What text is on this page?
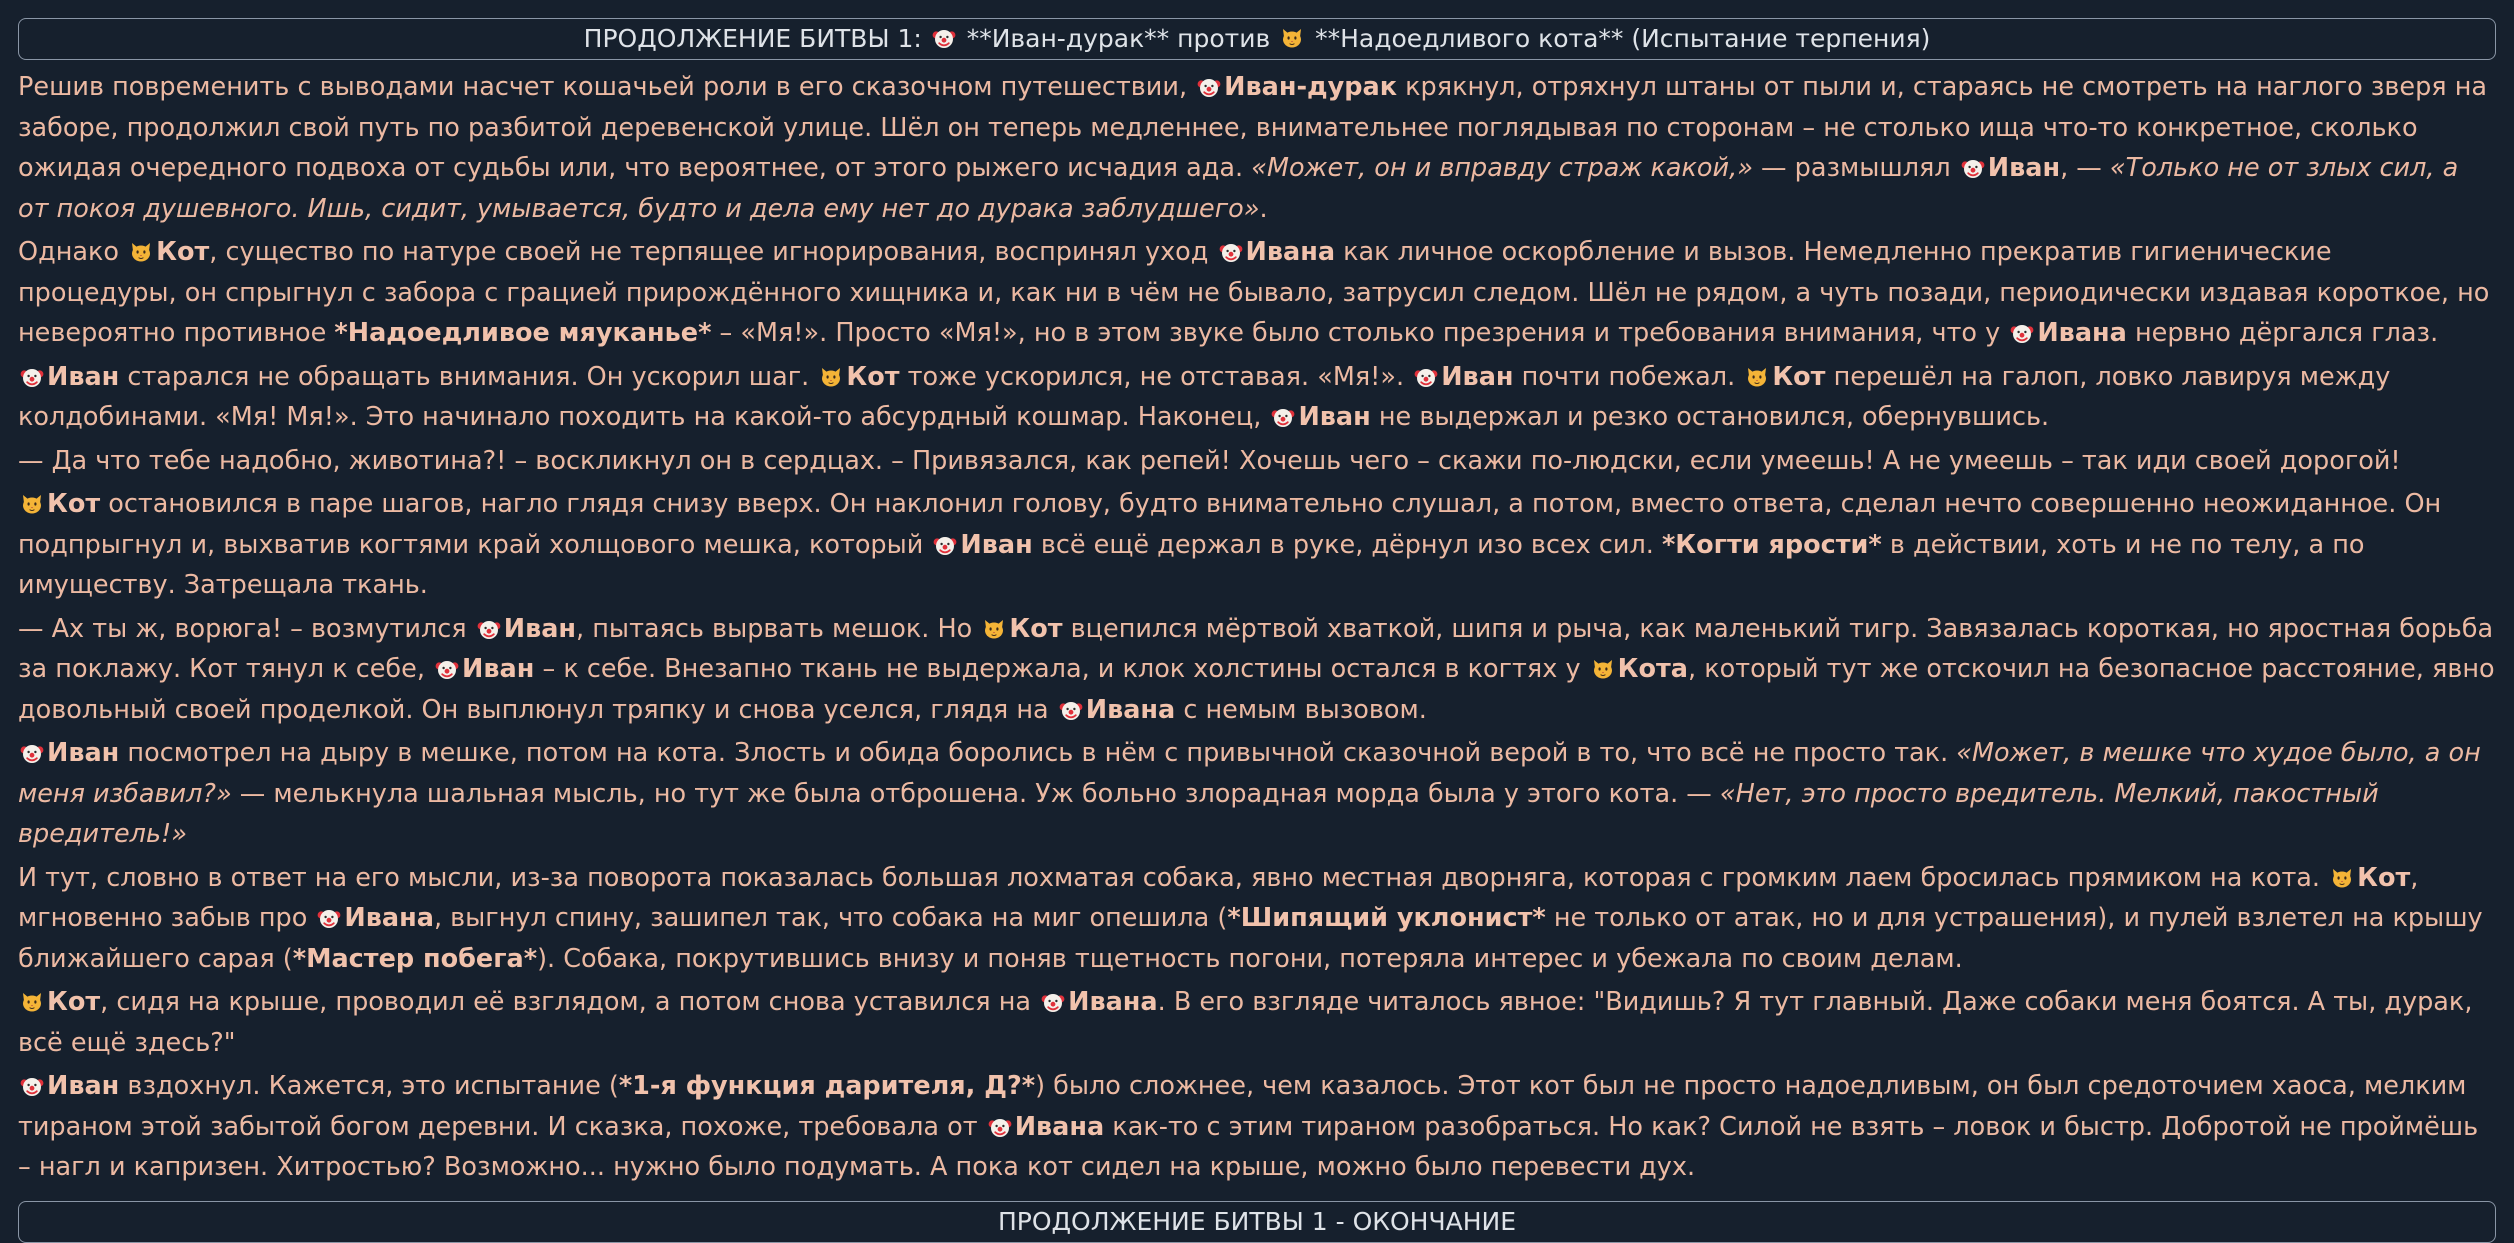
ПРОДОЛЖЕНИЕ БИТВЫ 1: **Иван-дурак** против **Надоедливого кота** (Испытание терпения)

Решив повременить с выводами насчет кошачьей роли в его сказочном путешествии,
Иван-дурак крякнул, отряхнул штаны от пыли и, стараясь не смотреть на наглого зверя на заборе, продолжил свой путь по разбитой деревенской улице. Шёл он теперь медленнее, внимательнее поглядывая по сторонам – не столько ища что-то конкретное, сколько ожидая очередного подвоха от судьбы или, что вероятнее, от этого рыжего исчадия ада. «Может, он и вправду страж какой,» — размышлял
Иван, — «Только не от злых сил, а от покоя душевного. Ишь, сидит, умывается, будто и дела ему нет до дурака заблудшего».

Однако
Кот, существо по натуре своей не терпящее игнорирования, воспринял уход
Ивана как личное оскорбление и вызов. Немедленно прекратив гигиенические процедуры, он спрыгнул с забора с грацией прирождённого хищника и, как ни в чём не бывало, затрусил следом. Шёл не рядом, а чуть позади, периодически издавая короткое, но невероятно противное *Надоедливое мяуканье* – «Мя!». Просто «Мя!», но в этом звуке было столько презрения и требования внимания, что у
Ивана нервно дёргался глаз.

Иван старался не обращать внимания. Он ускорил шаг.
Кот тоже ускорился, не отставая. «Мя!».
Иван почти побежал.
Кот перешёл на галоп, ловко лавируя между колдобинами. «Мя! Мя!». Это начинало походить на какой-то абсурдный кошмар. Наконец,
Иван не выдержал и резко остановился, обернувшись.

— Да что тебе надобно, животина?! – воскликнул он в сердцах. – Привязался, как репей! Хочешь чего – скажи по-людски, если умеешь! А не умеешь – так иди своей дорогой!

Кот остановился в паре шагов, нагло глядя снизу вверх. Он наклонил голову, будто внимательно слушал, а потом, вместо ответа, сделал нечто совершенно неожиданное. Он подпрыгнул и, выхватив когтями край холщового мешка, который
Иван всё ещё держал в руке, дёрнул изо всех сил. *Когти ярости* в действии, хоть и не по телу, а по имуществу. Затрещала ткань.

— Ах ты ж, ворюга! – возмутился
Иван, пытаясь вырвать мешок. Но
Кот вцепился мёртвой хваткой, шипя и рыча, как маленький тигр. Завязалась короткая, но яростная борьба за поклажу. Кот тянул к себе,
Иван – к себе. Внезапно ткань не выдержала, и клок холстины остался в когтях у
Кота, который тут же отскочил на безопасное расстояние, явно довольный своей проделкой. Он выплюнул тряпку и снова уселся, глядя на
Ивана с немым вызовом.

Иван посмотрел на дыру в мешке, потом на кота. Злость и обида боролись в нём с привычной сказочной верой в то, что всё не просто так. «Может, в мешке что худое было, а он меня избавил?» — мелькнула шальная мысль, но тут же была отброшена. Уж больно злорадная морда была у этого кота. — «Нет, это просто вредитель. Мелкий, пакостный вредитель!»

И тут, словно в ответ на его мысли, из-за поворота показалась большая лохматая собака, явно местная дворняга, которая с громким лаем бросилась прямиком на кота.
Кот, мгновенно забыв про
Ивана, выгнул спину, зашипел так, что собака на миг опешила (*Шипящий уклонист* не только от атак, но и для устрашения), и пулей взлетел на крышу ближайшего сарая (*Мастер побега*). Собака, покрутившись внизу и поняв тщетность погони, потеряла интерес и убежала по своим делам.

Кот, сидя на крыше, проводил её взглядом, а потом снова уставился на
Ивана. В его взгляде читалось явное: "Видишь? Я тут главный. Даже собаки меня боятся. А ты, дурак, всё ещё здесь?"

Иван вздохнул. Кажется, это испытание (*1-я функция дарителя, Д?*) было сложнее, чем казалось. Этот кот был не просто надоедливым, он был средоточием хаоса, мелким тираном этой забытой богом деревни. И сказка, похоже, требовала от
Ивана как-то с этим тираном разобраться. Но как? Силой не взять – ловок и быстр. Добротой не проймёшь – нагл и капризен. Хитростью? Возможно... нужно было подумать. А пока кот сидел на крыше, можно было перевести дух.

ПРОДОЛЖЕНИЕ БИТВЫ 1 - ОКОНЧАНИЕ
